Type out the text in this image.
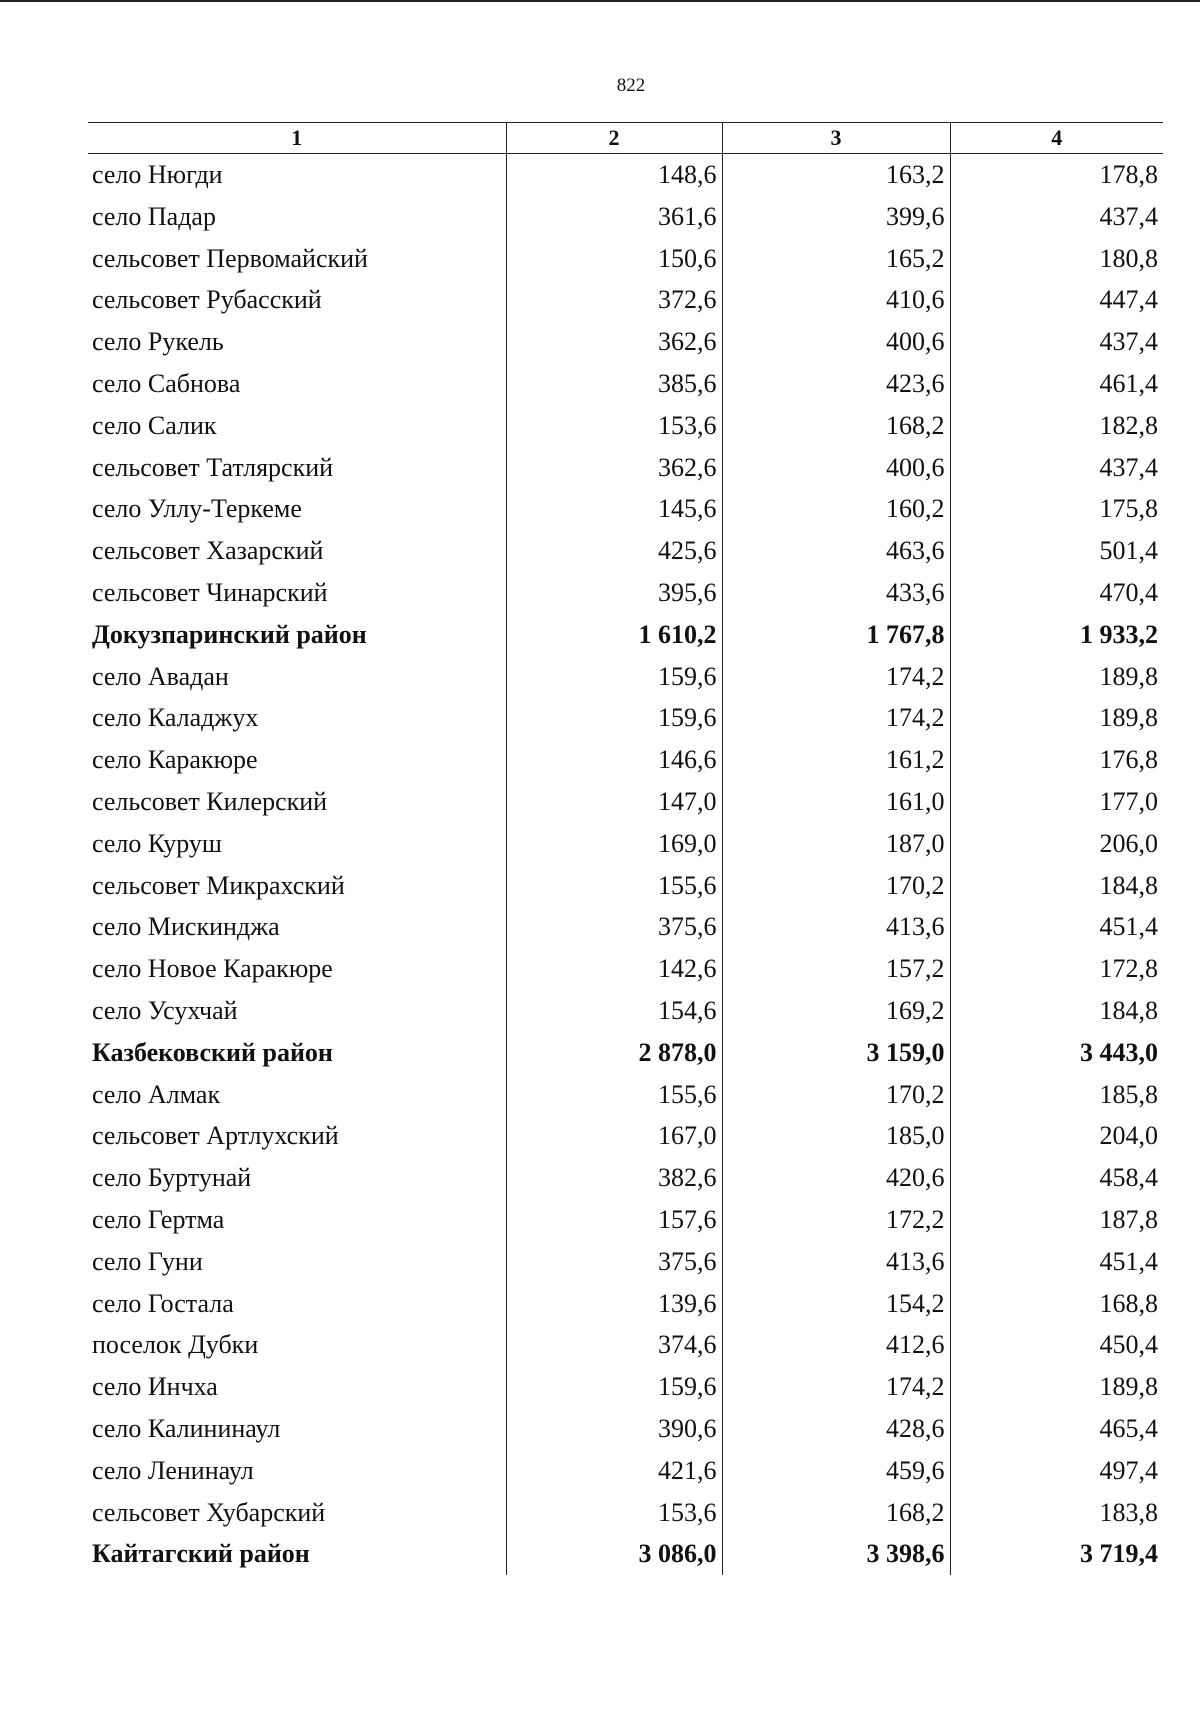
822
1	2	3	4
село Нюгди	148,6	163,2	178,8
село Падар	361,6	399,6	437,4
сельсовет Первомайский	150,6	165,2	180,8
сельсовет Рубасский	372,6	410,6	447,4
село Рукель	362,6	400,6	437,4
село Сабнова	385,6	423,6	461,4
село Салик	153,6	168,2	182,8
сельсовет Татлярский	362,6	400,6	437,4
село Уллу-Теркеме	145,6	160,2	175,8
сельсовет Хазарский	425,6	463,6	501,4
сельсовет Чинарский	395,6	433,6	470,4
Докузпаринский район	1 610,2	1 767,8	1 933,2
село Авадан	159,6	174,2	189,8
село Каладжух	159,6	174,2	189,8
село Каракюре	146,6	161,2	176,8
сельсовет Килерский	147,0	161,0	177,0
село Куруш	169,0	187,0	206,0
сельсовет Микрахский	155,6	170,2	184,8
село Мискинджа	375,6	413,6	451,4
село Новое Каракюре	142,6	157,2	172,8
село Усухчай	154,6	169,2	184,8
Казбековский район	2 878,0	3 159,0	3 443,0
село Алмак	155,6	170,2	185,8
сельсовет Артлухский	167,0	185,0	204,0
село Буртунай	382,6	420,6	458,4
село Гертма	157,6	172,2	187,8
село Гуни	375,6	413,6	451,4
село Гостала	139,6	154,2	168,8
поселок Дубки	374,6	412,6	450,4
село Инчха	159,6	174,2	189,8
село Калининаул	390,6	428,6	465,4
село Ленинаул	421,6	459,6	497,4
сельсовет Хубарский	153,6	168,2	183,8
Кайтагский район	3 086,0	3 398,6	3 719,4
